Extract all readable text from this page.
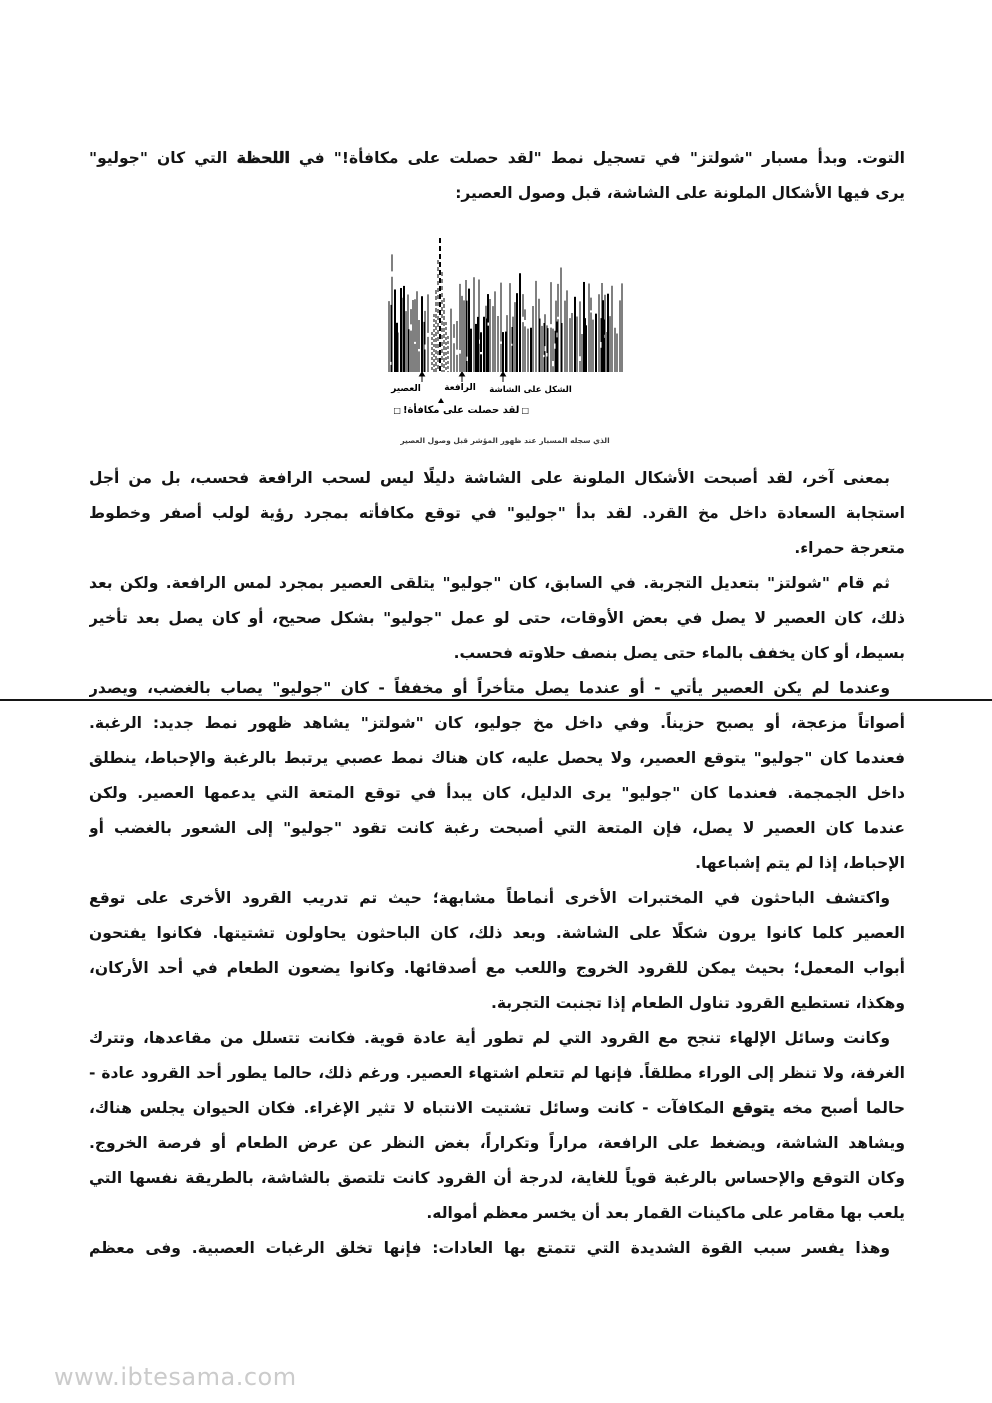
التوت. وبدأ مسبار "شولتز" في تسجيل نمط "لقد حصلت على مكافأة!" في اللحظة التي كان "جوليو"
يرى فيها الأشكال الملونة على الشاشة، قبل وصول العصير:
العصير	الرافعة	الشكل على الشاشة
□ لقد حصلت على مكافأة! □
الذي سجله المسبار عند ظهور المؤشر قبل وصول العصير
بمعنى آخر، لقد أصبحت الأشكال الملونة على الشاشة دليلًا ليس لسحب الرافعة فحسب، بل من أجل
استجابة السعادة داخل مخ القرد. لقد بدأ "جوليو" في توقع مكافأته بمجرد رؤية لولب أصفر وخطوط
متعرجة حمراء.
ثم قام "شولتز" بتعديل التجربة. في السابق، كان "جوليو" يتلقى العصير بمجرد لمس الرافعة. ولكن بعد
ذلك، كان العصير لا يصل في بعض الأوقات، حتى لو عمل "جوليو" بشكل صحيح، أو كان يصل بعد تأخير
بسيط، أو كان يخفف بالماء حتى يصل بنصف حلاوته فحسب.
وعندما لم يكن العصير يأتي - أو عندما يصل متأخراً أو مخففاً - كان "جوليو" يصاب بالغضب، ويصدر
أصواتاً مزعجة، أو يصبح حزيناً. وفي داخل مخ جوليو، كان "شولتز" يشاهد ظهور نمط جديد: الرغبة.
فعندما كان "جوليو" يتوقع العصير، ولا يحصل عليه، كان هناك نمط عصبي يرتبط بالرغبة والإحباط، ينطلق
داخل الجمجمة. فعندما كان "جوليو" يرى الدليل، كان يبدأ في توقع المتعة التي يدعمها العصير. ولكن
عندما كان العصير لا يصل، فإن المتعة التي أصبحت رغبة كانت تقود "جوليو" إلى الشعور بالغضب أو
الإحباط، إذا لم يتم إشباعها.
واكتشف الباحثون في المختبرات الأخرى أنماطاً مشابهة؛ حيث تم تدريب القرود الأخرى على توقع
العصير كلما كانوا يرون شكلًا على الشاشة. وبعد ذلك، كان الباحثون يحاولون تشتيتها. فكانوا يفتحون
أبواب المعمل؛ بحيث يمكن للقرود الخروج واللعب مع أصدقائها. وكانوا يضعون الطعام في أحد الأركان،
وهكذا، تستطيع القرود تناول الطعام إذا تجنبت التجربة.
وكانت وسائل الإلهاء تنجح مع القرود التي لم تطور أية عادة قوية. فكانت تتسلل من مقاعدها، وتترك
الغرفة، ولا تنظر إلى الوراء مطلقاً. فإنها لم تتعلم اشتهاء العصير. ورغم ذلك، حالما يطور أحد القرود عادة -
حالما أصبح مخه يتوقع المكافآت - كانت وسائل تشتيت الانتباه لا تثير الإغراء. فكان الحيوان يجلس هناك،
ويشاهد الشاشة، ويضغط على الرافعة، مراراً وتكراراً، بغض النظر عن عرض الطعام أو فرصة الخروج.
وكان التوقع والإحساس بالرغبة قوياً للغاية، لدرجة أن القرود كانت تلتصق بالشاشة، بالطريقة نفسها التي
يلعب بها مقامر على ماكينات القمار بعد أن يخسر معظم أمواله.
وهذا يفسر سبب القوة الشديدة التي تتمتع بها العادات: فإنها تخلق الرغبات العصبية. وفى معظم
www.ibtesama.com
